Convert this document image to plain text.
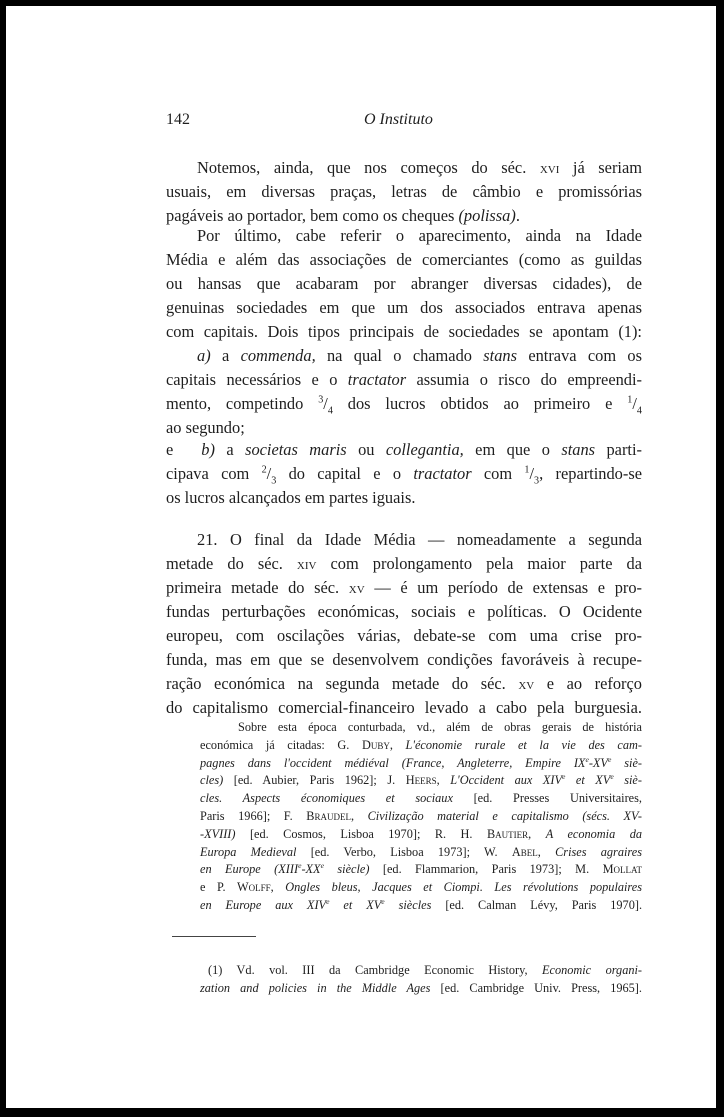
142	O Instituto
Notemos, ainda, que nos começos do séc. xvi já seriam
usuais, em diversas praças, letras de câmbio e promissórias
pagáveis ao portador, bem como os cheques (polissa).
Por último, cabe referir o aparecimento, ainda na Idade
Média e além das associações de comerciantes (como as guildas
ou hansas que acabaram por abranger diversas cidades), de
genuinas sociedades em que um dos associados entrava apenas
com capitais. Dois tipos principais de sociedades se apontam (1):
a) a commenda, na qual o chamado stans entrava com os
capitais necessários e o tractator assumia o risco do empreendi-
mento, competindo $^3/_4$ dos lucros obtidos ao primeiro e $^1/_4$
ao segundo;
e b) a societas maris ou collegantia, em que o stans parti-
cipava com $^2/_3$ do capital e o tractator com $^1/_3$, repartindo-se
os lucros alcançados em partes iguais.
21. O final da Idade Média — nomeadamente a segunda
metade do séc. xiv com prolongamento pela maior parte da
primeira metade do séc. xv — é um período de extensas e pro-
fundas perturbações económicas, sociais e políticas. O Ocidente
europeu, com oscilações várias, debate-se com uma crise pro-
funda, mas em que se desenvolvem condições favoráveis à recupe-
ração económica na segunda metade do séc. xv e ao reforço
do capitalismo comercial-financeiro levado a cabo pela burguesia.
Sobre esta época conturbada, vd., além de obras gerais de história
económica já citadas: G. Duby, L'économie rurale et la vie des cam-
pagnes dans l'occident médiéval (France, Angleterre, Empire IXe-XVe siè-
cles) [ed. Aubier, Paris 1962]; J. Heers, L'Occident aux XIVe et XVe siè-
cles. Aspects économiques et sociaux [ed. Presses Universitaires,
Paris 1966]; F. Braudel, Civilização material e capitalismo (sécs. XV-
-XVIII) [ed. Cosmos, Lisboa 1970]; R. H. Bautier, A economia da
Europa Medieval [ed. Verbo, Lisboa 1973]; W. Abel, Crises agraires
en Europe (XIIIe-XXe siècle) [ed. Flammarion, Paris 1973]; M. Mollat
e P. Wolff, Ongles bleus, Jacques et Ciompi. Les révolutions populaires
en Europe aux XIVe et XVe siècles [ed. Calman Lévy, Paris 1970].
(1) Vd. vol. III da Cambridge Economic History, Economic organi-
zation and policies in the Middle Ages [ed. Cambridge Univ. Press, 1965].
